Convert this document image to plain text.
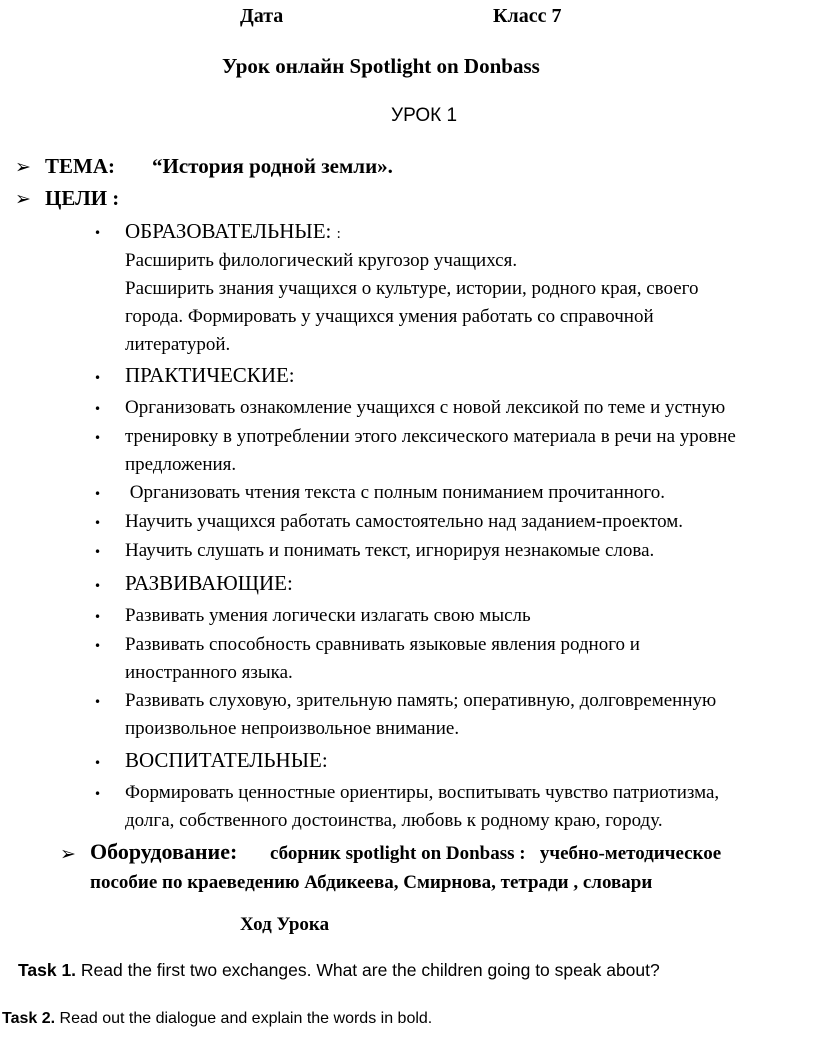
Дата	Класс 7
Урок онлайн Spotlight on Donbass
УРОК 1
➢ ТЕМА: “История родной земли».
➢ ЦЕЛИ :
• ОБРАЗОВАТЕЛЬНЫЕ: :
Расширить филологический кругозор учащихся.
Расширить знания учащихся о культуре, истории, родного края, своего
города. Формировать у учащихся умения работать со справочной
литературой.
• ПРАКТИЧЕСКИЕ:
• Организовать ознакомление учащихся с новой лексикой по теме и устную
• тренировку в употреблении этого лексического материала в речи на уровне
предложения.
• Организовать чтения текста с полным пониманием прочитанного.
• Научить учащихся работать самостоятельно над заданием-проектом.
• Научить слушать и понимать текст, игнорируя незнакомые слова.
• РАЗВИВАЮЩИЕ:
• Развивать умения логически излагать свою мысль
• Развивать способность сравнивать языковые явления родного и
иностранного языка.
• Развивать слуховую, зрительную память; оперативную, долговременную
произвольное непроизвольное внимание.
• ВОСПИТАТЕЛЬНЫЕ:
• Формировать ценностные ориентиры, воспитывать чувство патриотизма,
долга, собственного достоинства, любовь к родному краю, городу.
➢ Оборудование: сборник spotlight on Donbass :   учебно-методическое
пособие по краеведению Абдикеева, Смирнова, тетради , словари
Ход Урока
Task 1. Read the first two exchanges. What are the children going to speak about?
Task 2. Read out the dialogue and explain the words in bold.
